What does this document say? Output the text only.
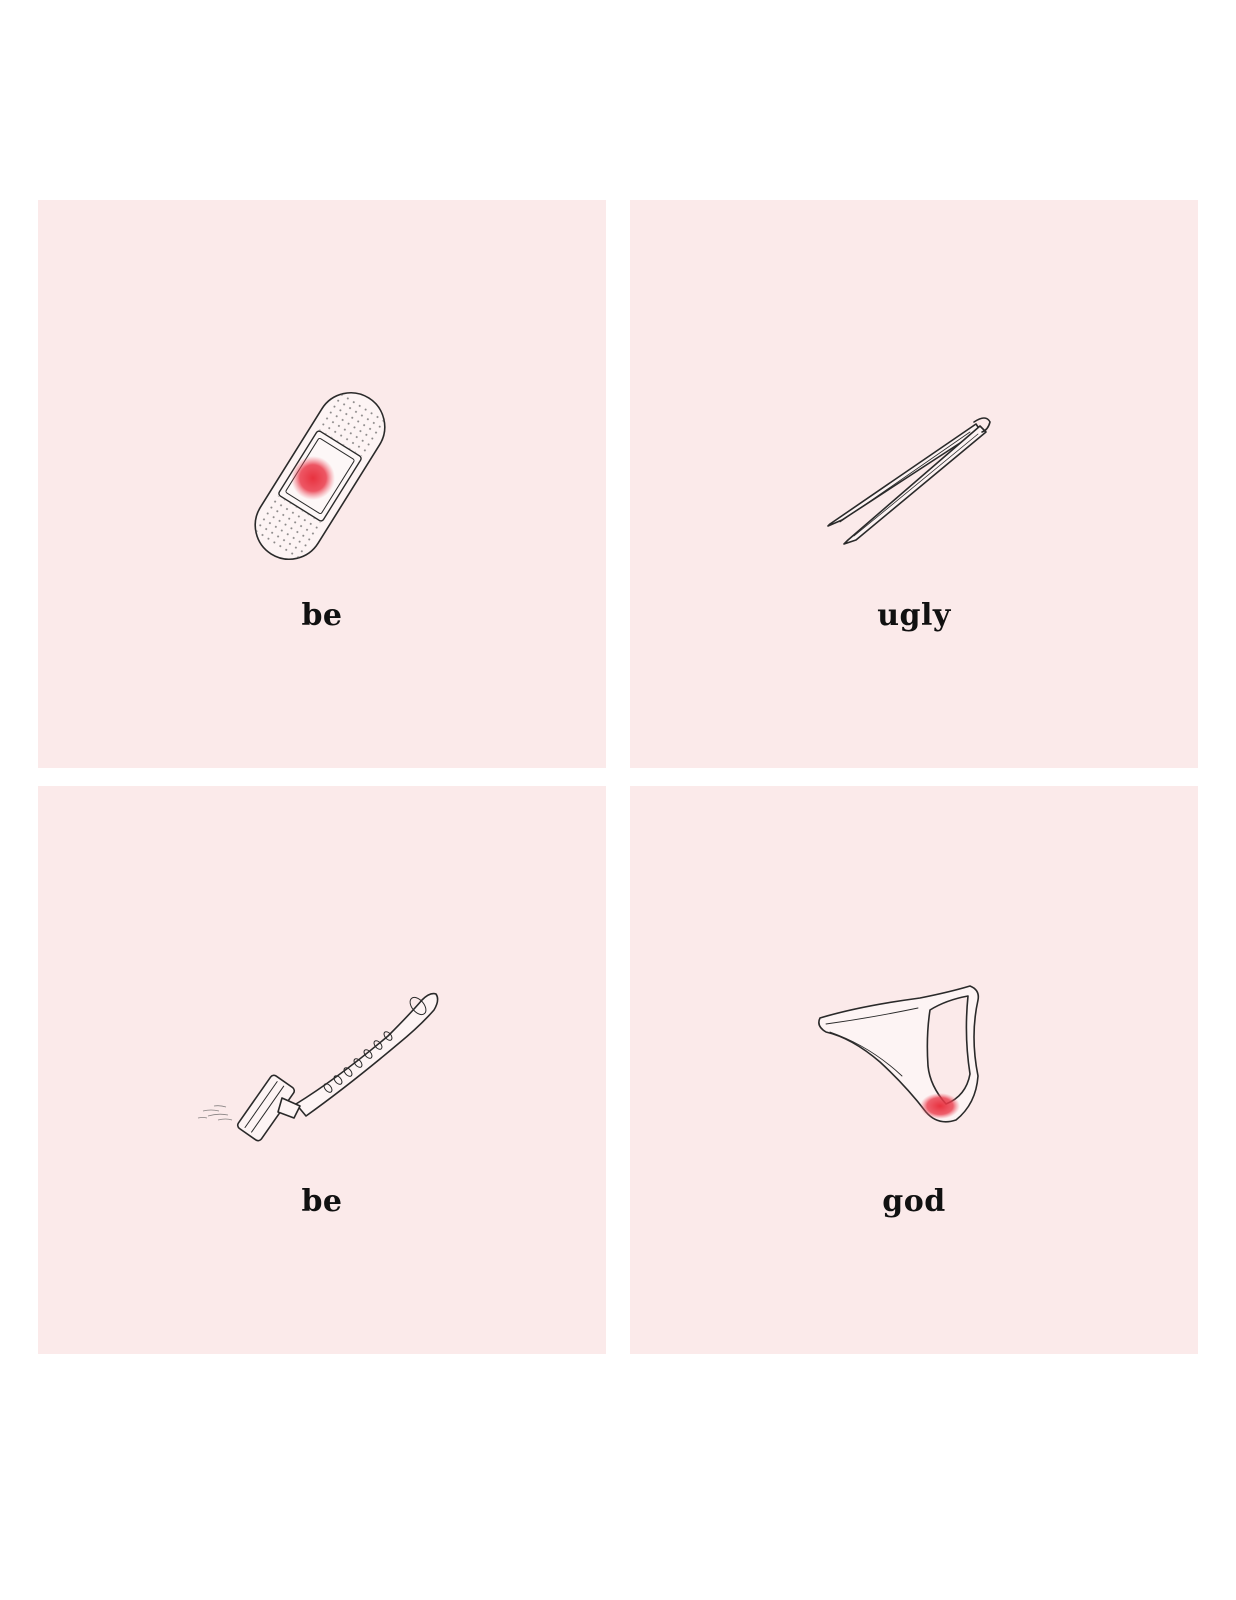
be	ugly
be	god
